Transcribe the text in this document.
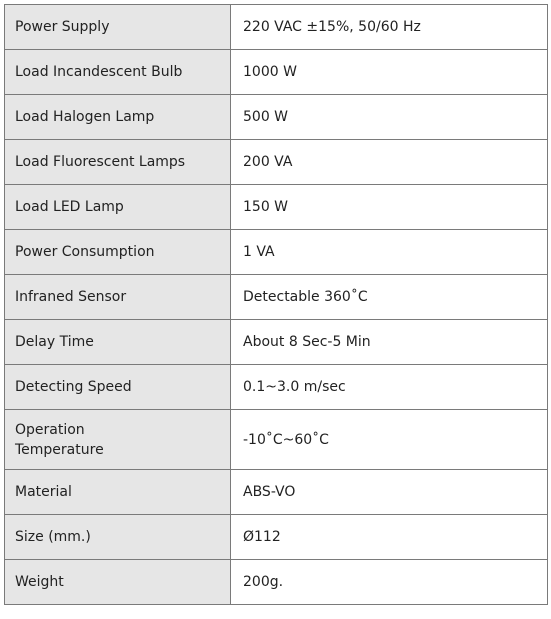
Power Supply	220 VAC ±15%, 50/60 Hz
Load Incandescent Bulb	1000 W
Load Halogen Lamp	500 W
Load Fluorescent Lamps	200 VA
Load LED Lamp	150 W
Power Consumption	1 VA
Infraned Sensor	Detectable 360˚C
Delay Time	About 8 Sec-5 Min
Detecting Speed	0.1~3.0 m/sec

Operation
Temperature	-10˚C~60˚C
Material	ABS-VO
Size (mm.)	Ø112
Weight	200g.
